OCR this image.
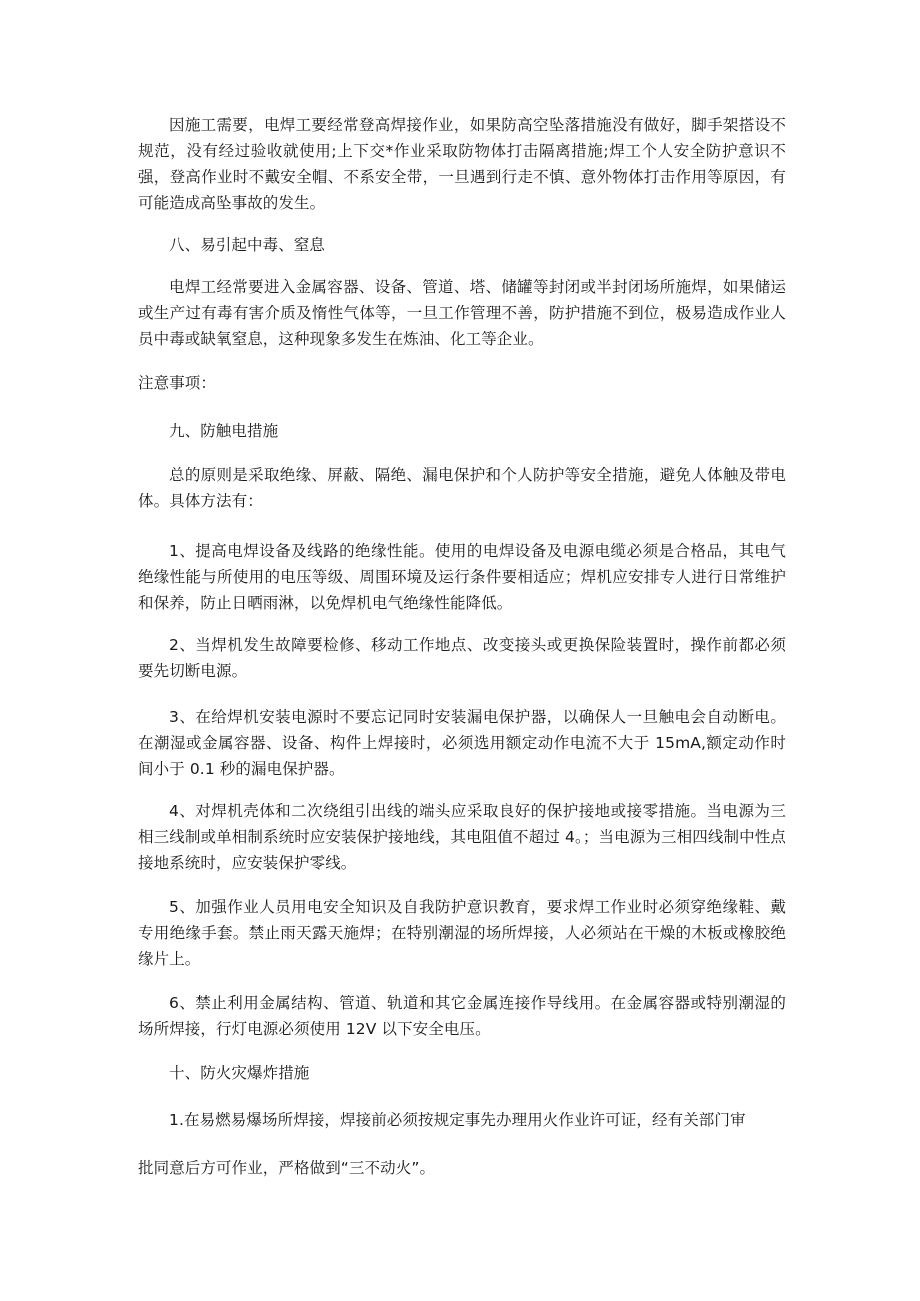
因施工需要，电焊工要经常登高焊接作业，如果防高空坠落措施没有做好，脚手架搭设不规范，没有经过验收就使用;上下交*作业采取防物体打击隔离措施;焊工个人安全防护意识不强，登高作业时不戴安全帽、不系安全带，一旦遇到行走不慎、意外物体打击作用等原因，有可能造成高坠事故的发生。

八、易引起中毒、窒息

电焊工经常要进入金属容器、设备、管道、塔、储罐等封闭或半封闭场所施焊，如果储运或生产过有毒有害介质及惰性气体等，一旦工作管理不善，防护措施不到位，极易造成作业人员中毒或缺氧窒息，这种现象多发生在炼油、化工等企业。

注意事项：

九、防触电措施

总的原则是采取绝缘、屏蔽、隔绝、漏电保护和个人防护等安全措施，避免人体触及带电体。具体方法有：

1、提高电焊设备及线路的绝缘性能。使用的电焊设备及电源电缆必须是合格品，其电气绝缘性能与所使用的电压等级、周围环境及运行条件要相适应；焊机应安排专人进行日常维护和保养，防止日晒雨淋，以免焊机电气绝缘性能降低。

2、当焊机发生故障要检修、移动工作地点、改变接头或更换保险装置时，操作前都必须要先切断电源。

3、在给焊机安装电源时不要忘记同时安装漏电保护器，以确保人一旦触电会自动断电。在潮湿或金属容器、设备、构件上焊接时，必须选用额定动作电流不大于 15mA,额定动作时间小于 0.1 秒的漏电保护器。

4、对焊机壳体和二次绕组引出线的端头应采取良好的保护接地或接零措施。当电源为三相三线制或单相制系统时应安装保护接地线，其电阻值不超过 4。；当电源为三相四线制中性点接地系统时，应安装保护零线。

5、加强作业人员用电安全知识及自我防护意识教育，要求焊工作业时必须穿绝缘鞋、戴专用绝缘手套。禁止雨天露天施焊；在特别潮湿的场所焊接，人必须站在干燥的木板或橡胶绝缘片上。

6、禁止利用金属结构、管道、轨道和其它金属连接作导线用。在金属容器或特别潮湿的场所焊接，行灯电源必须使用 12V 以下安全电压。

十、防火灾爆炸措施

1.在易燃易爆场所焊接，焊接前必须按规定事先办理用火作业许可证，经有关部门审

批同意后方可作业，严格做到“三不动火”。
